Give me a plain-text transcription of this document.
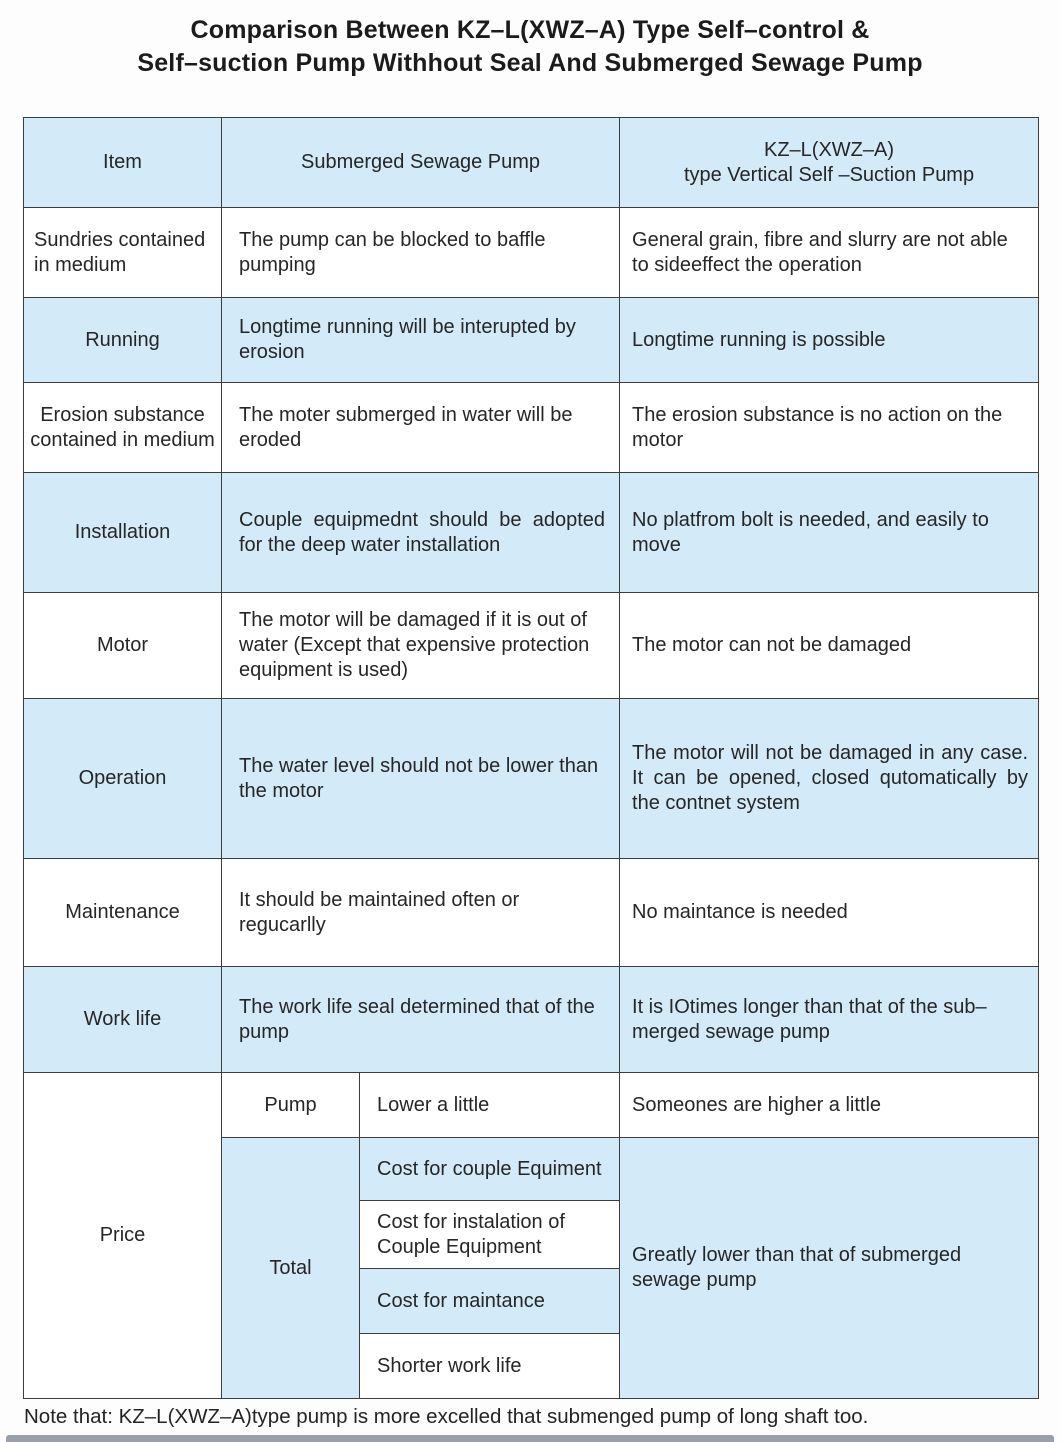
Comparison Between KZ–L(XWZ–A) Type Self–control &
Self–suction Pump Withhout Seal And Submerged Sewage Pump
Item	Submerged Sewage Pump		KZ–L(XWZ–A)
type Vertical Self –Suction Pump

Sundries contained in medium	The pump can be blocked to baffle pumping		General grain, fibre and slurry are not able to sideeffect the operation
Running	Longtime running will be interupted by erosion		Longtime running is possible
Erosion substance contained in medium	The moter submerged in water will be eroded		The erosion substance is no action on the motor
Installation	Couple equipmednt should be adopted for the deep water installation		No platfrom bolt is needed, and easily to move
Motor	The motor will be damaged if it is out of water (Except that expensive protection equipment is used)		The motor can not be damaged
Operation	The water level should not be lower than the motor		The motor will not be damaged in any case. It can be opened, closed qutomatically by the contnet system
Maintenance	It should be maintained often or regucarlly		No maintance is needed
Work life	The work life seal determined that of the pump		It is IOtimes longer than that of the sub–merged sewage pump
Price	Pump	Lower a little	Someones are higher a little
	Total	Cost for couple Equiment	Greatly lower than that of submerged sewage pump
		Cost for instalation of Couple Equipment	
		Cost for maintance	
		Shorter work life	
Note that: KZ–L(XWZ–A)type pump is more excelled that submenged pump of long shaft too.
